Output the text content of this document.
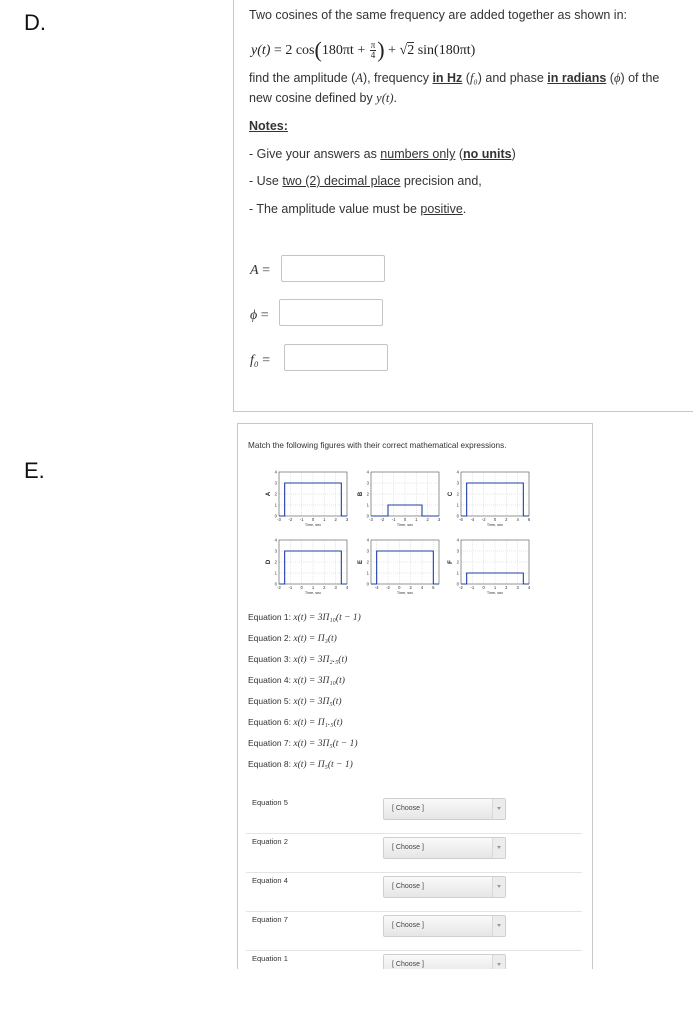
D.	Two cosines of the same frequency are added together as shown in:
y(t) = 2 $\cos(180\pi t + \frac{\pi}{4}$ ) + √2 sin(180πt)
find the amplitude (A), frequency in Hz (f₀) and phase in radians (ϕ) of the
new cosine defined by y(t).
Notes:
- Give your answers as numbers only (no units)
- Use two (2) decimal place precision and,
- The amplitude value must be positive.
A =
ϕ =
f₀ =
E.
Match the following figures with their correct mathematical expressions.
0
1
2
3
4
-3 -2 -1 0 1 2 3
Time, sec
A
0
1
2
3
4
-3 -2 -1 0 1 2 3
Time, sec
B
0
1
2
3
4
-6 -4 -2 0 2 4 6
Time, sec
C
0
1
2
3
4
-2 -1 0 1 2 3 4
Time, sec
D
0
1
2
3
4
-4 -2 0 2 4 6
Time, sec
E
0
1
2
3
4
-2 -1 0 1 2 3 4
Time, sec
F
Equation 1: x(t) = 3Π₁₀(t − 1)
Equation 2: x(t) = Π₃(t)
Equation 3: x(t) = 3Π₂.₅(t)
Equation 4: x(t) = 3Π₁₀(t)
Equation 5: x(t) = 3Π₅(t)
Equation 6: x(t) = Π₁.₅(t)
Equation 7: x(t) = 3Π₅(t − 1)
Equation 8: x(t) = Π₅(t − 1)
Equation 5
[ Choose ]
Equation 2
[ Choose ]
Equation 4
[ Choose ]
Equation 7
[ Choose ]
Equation 1
[ Choose ]
